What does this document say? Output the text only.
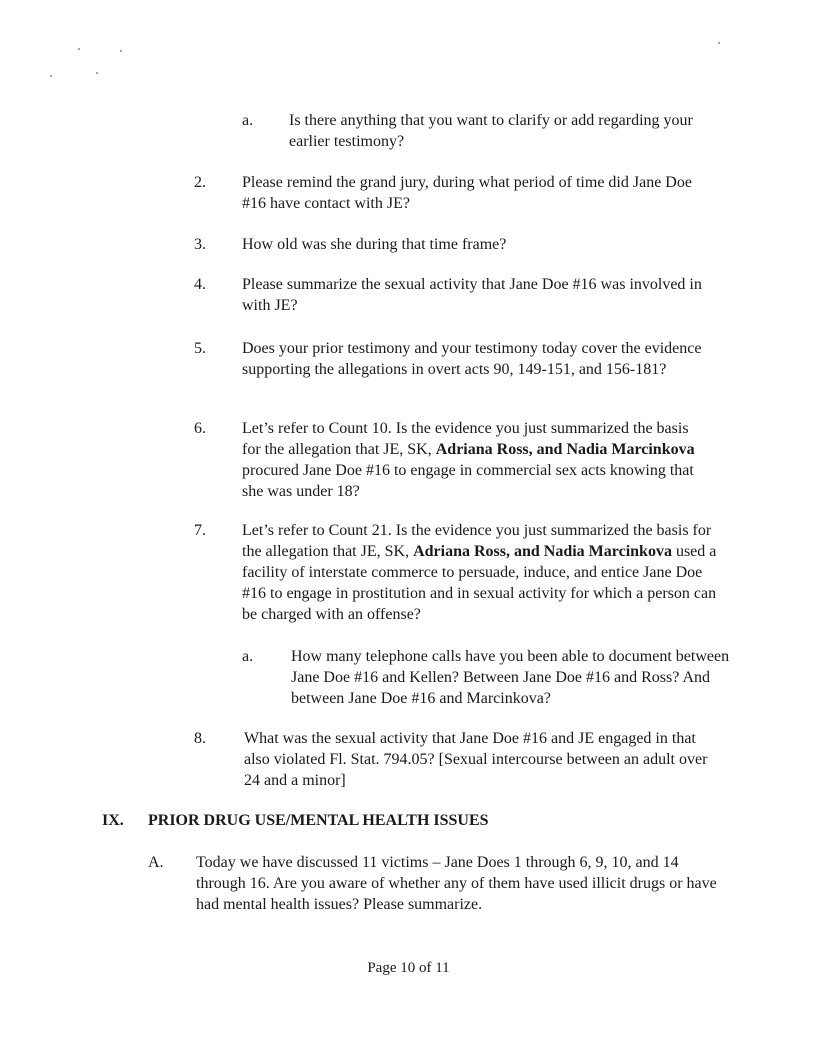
a. Is there anything that you want to clarify or add regarding your earlier testimony?
2. Please remind the grand jury, during what period of time did Jane Doe #16 have contact with JE?
3. How old was she during that time frame?
4. Please summarize the sexual activity that Jane Doe #16 was involved in with JE?
5. Does your prior testimony and your testimony today cover the evidence supporting the allegations in overt acts 90, 149-151, and 156-181?
6. Let’s refer to Count 10. Is the evidence you just summarized the basis for the allegation that JE, SK, Adriana Ross, and Nadia Marcinkova procured Jane Doe #16 to engage in commercial sex acts knowing that she was under 18?
7. Let’s refer to Count 21. Is the evidence you just summarized the basis for the allegation that JE, SK, Adriana Ross, and Nadia Marcinkova used a facility of interstate commerce to persuade, induce, and entice Jane Doe #16 to engage in prostitution and in sexual activity for which a person can be charged with an offense?
a. How many telephone calls have you been able to document between Jane Doe #16 and Kellen? Between Jane Doe #16 and Ross? And between Jane Doe #16 and Marcinkova?
8. What was the sexual activity that Jane Doe #16 and JE engaged in that also violated Fl. Stat. 794.05? [Sexual intercourse between an adult over 24 and a minor]
IX. PRIOR DRUG USE/MENTAL HEALTH ISSUES
A. Today we have discussed 11 victims – Jane Does 1 through 6, 9, 10, and 14 through 16. Are you aware of whether any of them have used illicit drugs or have had mental health issues? Please summarize.
Page 10 of 11
